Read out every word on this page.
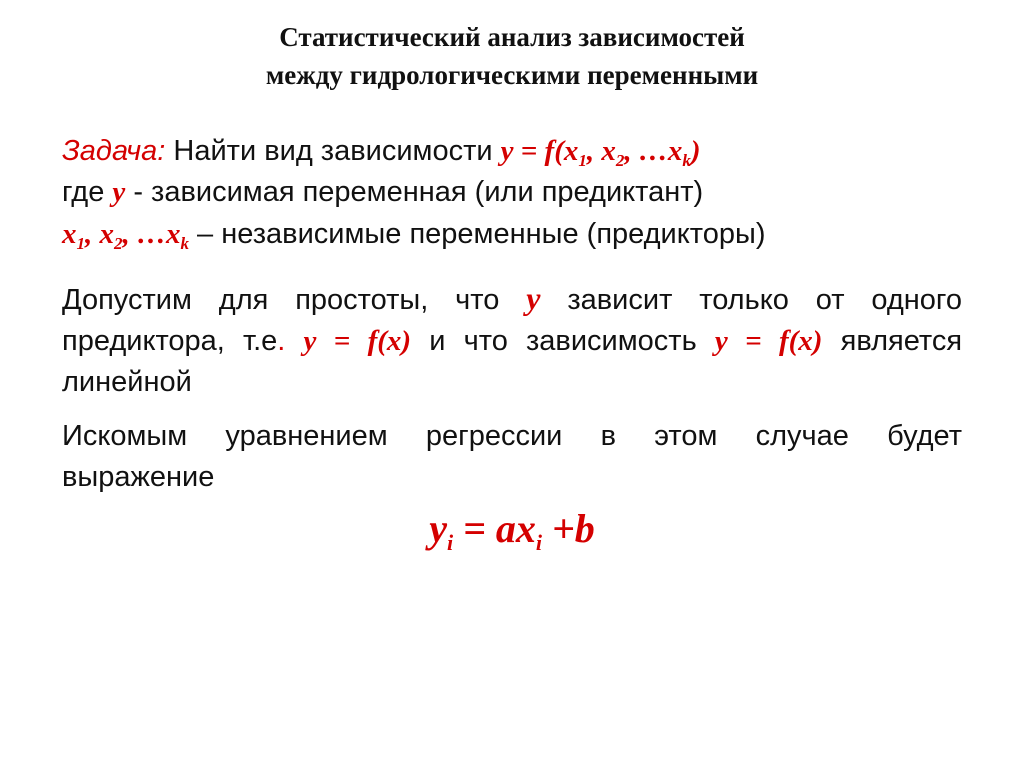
Статистический анализ зависимостей
между гидрологическими переменными
Задача: Найти вид зависимости $y = f(x_1$, $x_2$, $\dots x_k$)
где y - зависимая переменная (или предиктант)
$x_1$, $x_2$, $\dots x_k$ – независимые переменные (предикторы)
Допустим для простоты, что y зависит только от одного
предиктора, т.е. y = f(x) и что зависимость y = f(x) является
линейной
Искомым уравнением регрессии в этом случае будет
выражение
$y_i = ax_i +b$
